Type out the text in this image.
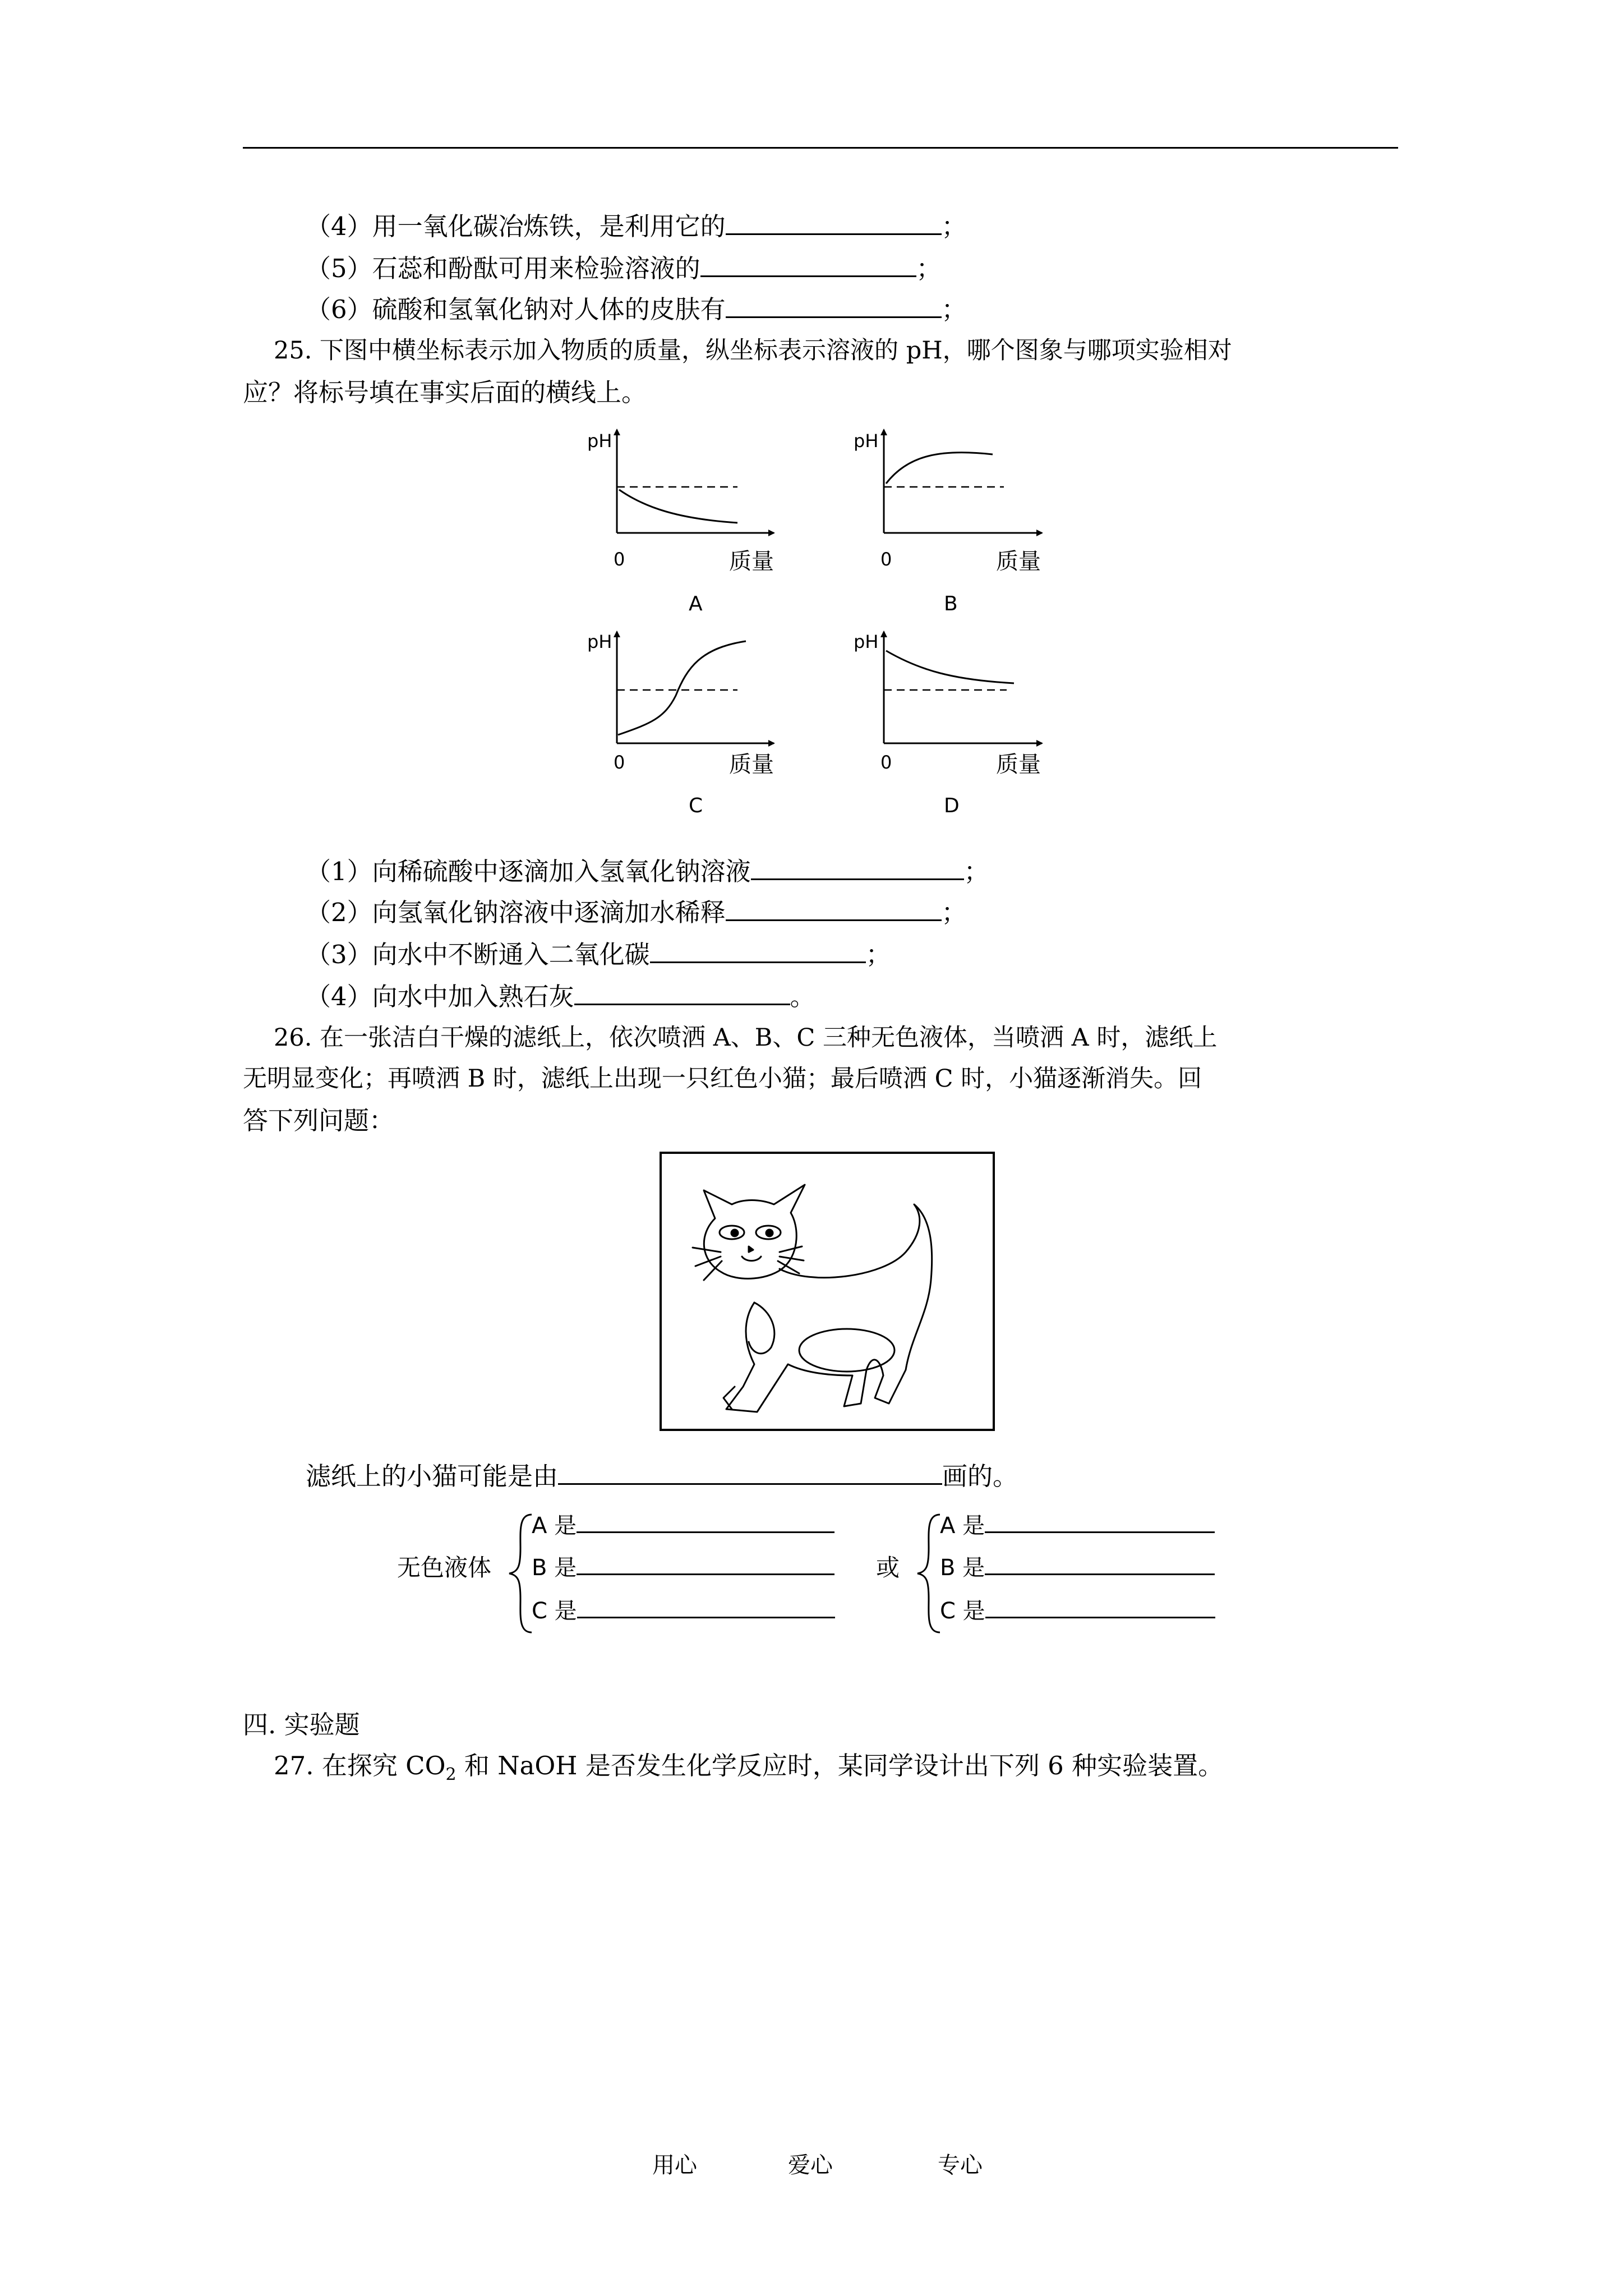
（4）用一氧化碳冶炼铁，是利用它的	；
（5）石蕊和酚酞可用来检验溶液的	；
（6）硫酸和氢氧化钠对人体的皮肤有	；
25. 下图中横坐标表示加入物质的质量，纵坐标表示溶液的 pH，哪个图象与哪项实验相对
应？将标号填在事实后面的横线上。
pH
0	质量
A
pH
0	质量
B
pH
0	质量
C
pH
0	质量
D
（1）向稀硫酸中逐滴加入氢氧化钠溶液	；
（2）向氢氧化钠溶液中逐滴加水稀释	；
（3）向水中不断通入二氧化碳	；
（4）向水中加入熟石灰	。
26. 在一张洁白干燥的滤纸上，依次喷洒 A、B、C 三种无色液体，当喷洒 A 时，滤纸上
无明显变化；再喷洒 B 时，滤纸上出现一只红色小猫；最后喷洒 C 时，小猫逐渐消失。回
答下列问题：
滤纸上的小猫可能是由	画的。
无色液体
A 是
B 是
C 是
或
A 是
B 是
C 是
四. 实验题
27. 在探究 $CO_2$ 和 NaOH 是否发生化学反应时，某同学设计出下列 6 种实验装置。
用心	爱心	专心
